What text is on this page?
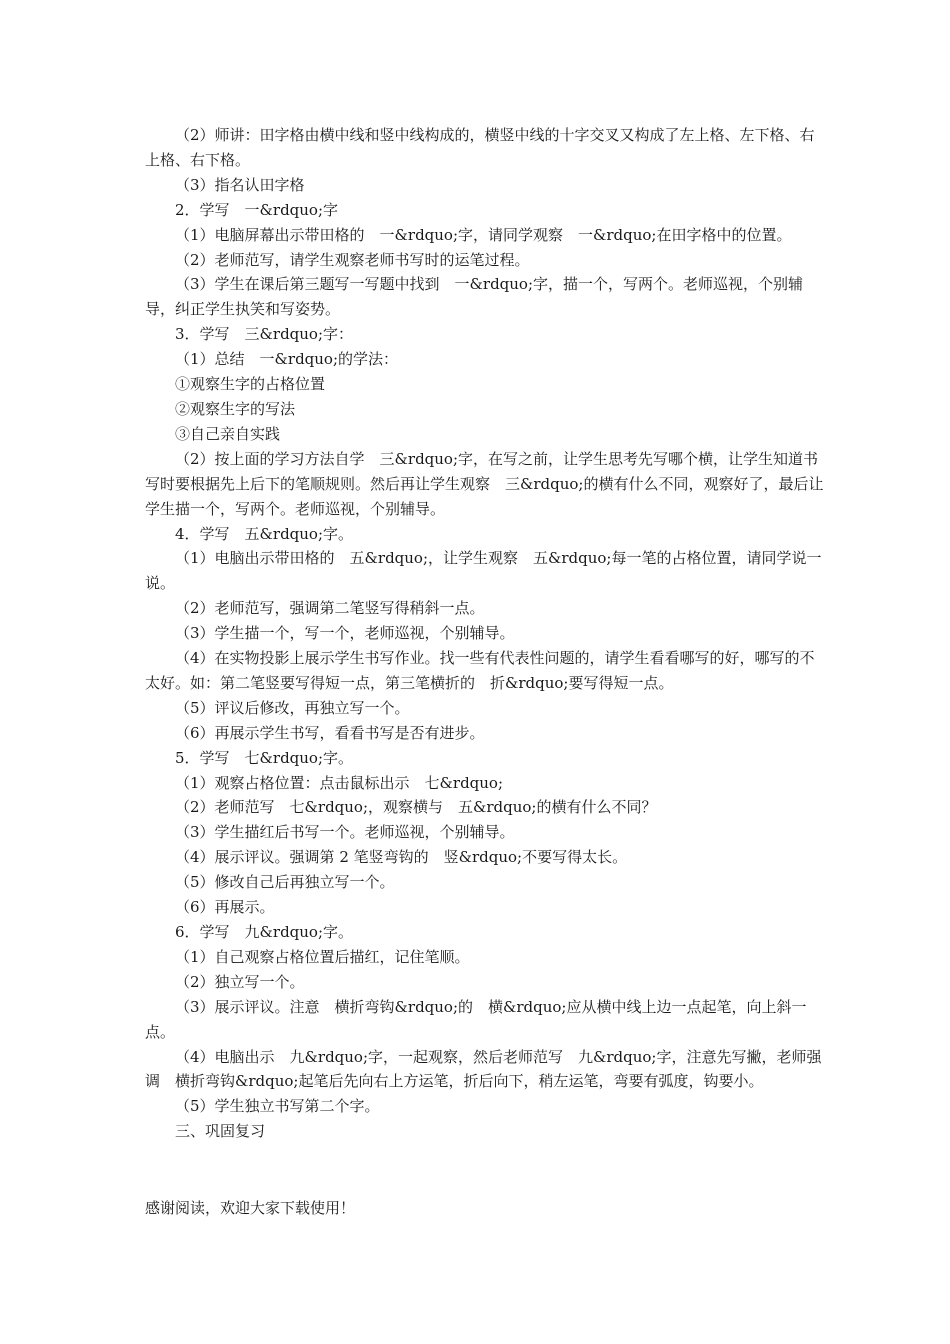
（2）师讲：田字格由横中线和竖中线构成的，横竖中线的十字交叉又构成了左上格、左下格、右上格、右下格。

（3）指名认田字格

2．学写　一&rdquo;字

（1）电脑屏幕出示带田格的　一&rdquo;字，请同学观察　一&rdquo;在田字格中的位置。

（2）老师范写，请学生观察老师书写时的运笔过程。

（3）学生在课后第三题写一写题中找到　一&rdquo;字，描一个，写两个。老师巡视，个别辅导，纠正学生执笑和写姿势。

3．学写　三&rdquo;字：

（1）总结　一&rdquo;的学法：

①观察生字的占格位置

②观察生字的写法

③自己亲自实践

（2）按上面的学习方法自学　三&rdquo;字，在写之前，让学生思考先写哪个横，让学生知道书写时要根据先上后下的笔顺规则。然后再让学生观察　三&rdquo;的横有什么不同，观察好了，最后让学生描一个，写两个。老师巡视，个别辅导。

4．学写　五&rdquo;字。

（1）电脑出示带田格的　五&rdquo;，让学生观察　五&rdquo;每一笔的占格位置，请同学说一说。

（2）老师范写，强调第二笔竖写得稍斜一点。

（3）学生描一个，写一个，老师巡视，个别辅导。

（4）在实物投影上展示学生书写作业。找一些有代表性问题的，请学生看看哪写的好，哪写的不太好。如：第二笔竖要写得短一点，第三笔横折的　折&rdquo;要写得短一点。

（5）评议后修改，再独立写一个。

（6）再展示学生书写，看看书写是否有进步。

5．学写　七&rdquo;字。

（1）观察占格位置：点击鼠标出示　七&rdquo;

（2）老师范写　七&rdquo;，观察横与　五&rdquo;的横有什么不同？

（3）学生描红后书写一个。老师巡视，个别辅导。

（4）展示评议。强调第 2 笔竖弯钩的　竖&rdquo;不要写得太长。

（5）修改自己后再独立写一个。

（6）再展示。

6．学写　九&rdquo;字。

（1）自己观察占格位置后描红，记住笔顺。

（2）独立写一个。

（3）展示评议。注意　横折弯钩&rdquo;的　横&rdquo;应从横中线上边一点起笔，向上斜一点。

（4）电脑出示　九&rdquo;字，一起观察，然后老师范写　九&rdquo;字，注意先写撇，老师强调　横折弯钩&rdquo;起笔后先向右上方运笔，折后向下，稍左运笔，弯要有弧度，钩要小。

（5）学生独立书写第二个字。

三、巩固复习

感谢阅读，欢迎大家下载使用！
